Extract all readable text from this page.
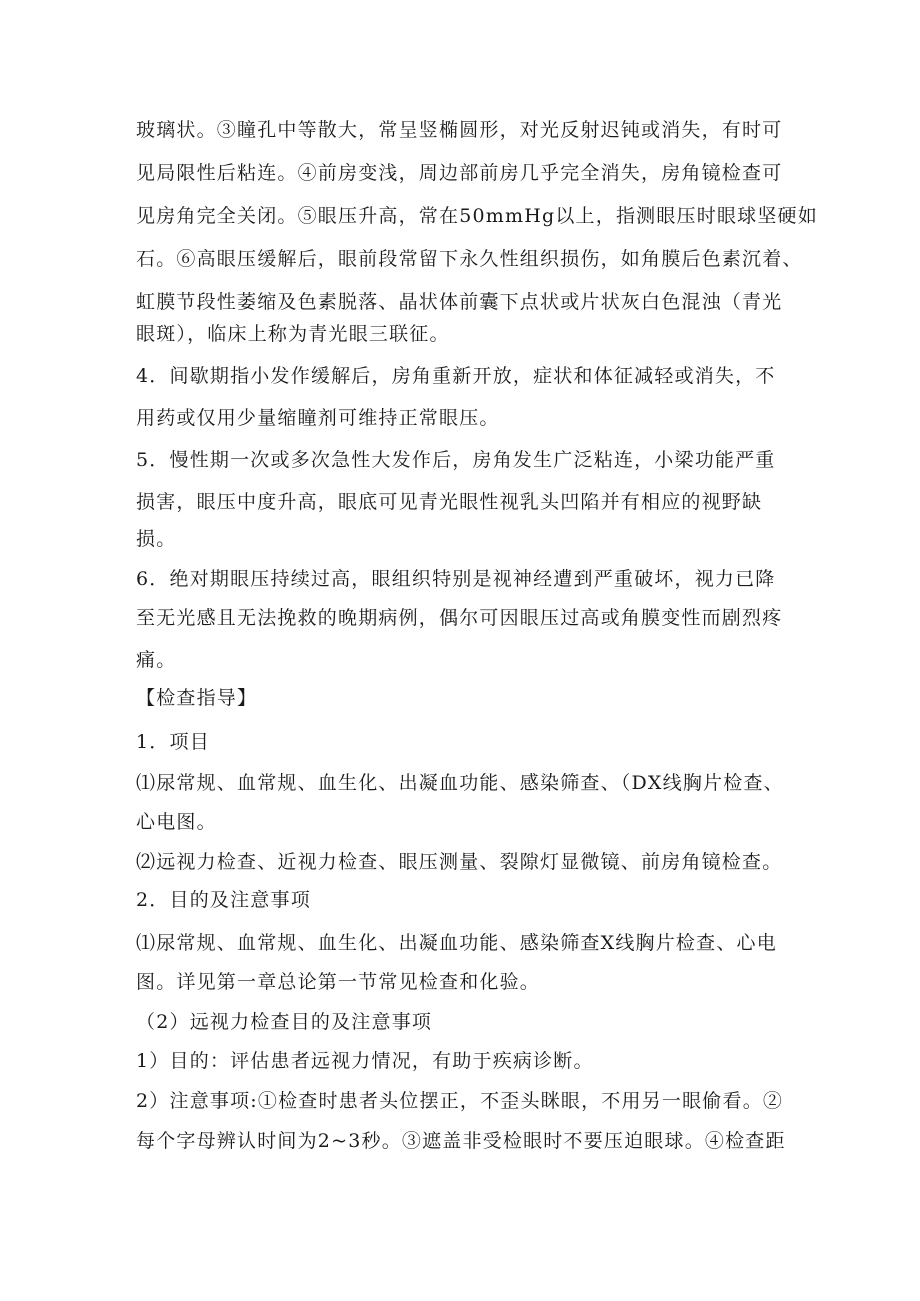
玻璃状。③瞳孔中等散大，常呈竖椭圆形，对光反射迟钝或消失，有时可
见局限性后粘连。④前房变浅，周边部前房几乎完全消失，房角镜检查可
见房角完全关闭。⑤眼压升高，常在50mmHg以上，指测眼压时眼球坚硬如
石。⑥高眼压缓解后，眼前段常留下永久性组织损伤，如角膜后色素沉着、
虹膜节段性萎缩及色素脱落、晶状体前囊下点状或片状灰白色混浊（青光
眼斑），临床上称为青光眼三联征。
4．间歇期指小发作缓解后，房角重新开放，症状和体征减轻或消失，不
用药或仅用少量缩瞳剂可维持正常眼压。
5．慢性期一次或多次急性大发作后，房角发生广泛粘连，小梁功能严重
损害，眼压中度升高，眼底可见青光眼性视乳头凹陷并有相应的视野缺
损。
6．绝对期眼压持续过高，眼组织特别是视神经遭到严重破坏，视力已降
至无光感且无法挽救的晚期病例，偶尔可因眼压过高或角膜变性而剧烈疼
痛。
【检查指导】
1．项目
⑴尿常规、血常规、血生化、出凝血功能、感染筛查、（DX线胸片检查、
心电图。
⑵远视力检查、近视力检查、眼压测量、裂隙灯显微镜、前房角镜检查。
2．目的及注意事项
⑴尿常规、血常规、血生化、出凝血功能、感染筛查X线胸片检查、心电
图。详见第一章总论第一节常见检查和化验。
（2）远视力检查目的及注意事项
1）目的：评估患者远视力情况，有助于疾病诊断。
2）注意事项:①检查时患者头位摆正，不歪头眯眼，不用另一眼偷看。②
每个字母辨认时间为2~3秒。③遮盖非受检眼时不要压迫眼球。④检查距
